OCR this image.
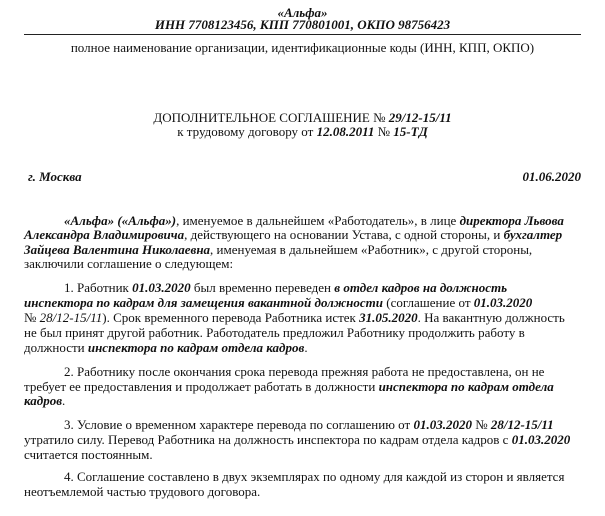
«Альфа»
ИНН 7708123456, КПП 770801001, ОКПО 98756423
полное наименование организации, идентификационные коды (ИНН, КПП, ОКПО)
ДОПОЛНИТЕЛЬНОЕ СОГЛАШЕНИЕ № 29/12-15/11
к трудовому договору от 12.08.2011 № 15-ТД
г. Москва	01.06.2020
«Альфа» («Альфа»), именуемое в дальнейшем «Работодатель», в лице директора Львова
Александра Владимировича, действующего на основании Устава, с одной стороны, и бухгалтер
Зайцева Валентина Николаевна, именуемая в дальнейшем «Работник», с другой стороны,
заключили соглашение о следующем:
1. Работник 01.03.2020 был временно переведен в отдел кадров на должность
инспектора по кадрам для замещения вакантной должности (соглашение от 01.03.2020
№ 28/12-15/11). Срок временного перевода Работника истек 31.05.2020. На вакантную должность
не был принят другой работник. Работодатель предложил Работнику продолжить работу в
должности инспектора по кадрам отдела кадров.
2. Работнику после окончания срока перевода прежняя работа не предоставлена, он не
требует ее предоставления и продолжает работать в должности инспектора по кадрам отдела
кадров.
3. Условие о временном характере перевода по соглашению от 01.03.2020 № 28/12-15/11
утратило силу. Перевод Работника на должность инспектора по кадрам отдела кадров с 01.03.2020
считается постоянным.
4. Соглашение составлено в двух экземплярах по одному для каждой из сторон и является
неотъемлемой частью трудового договора.
